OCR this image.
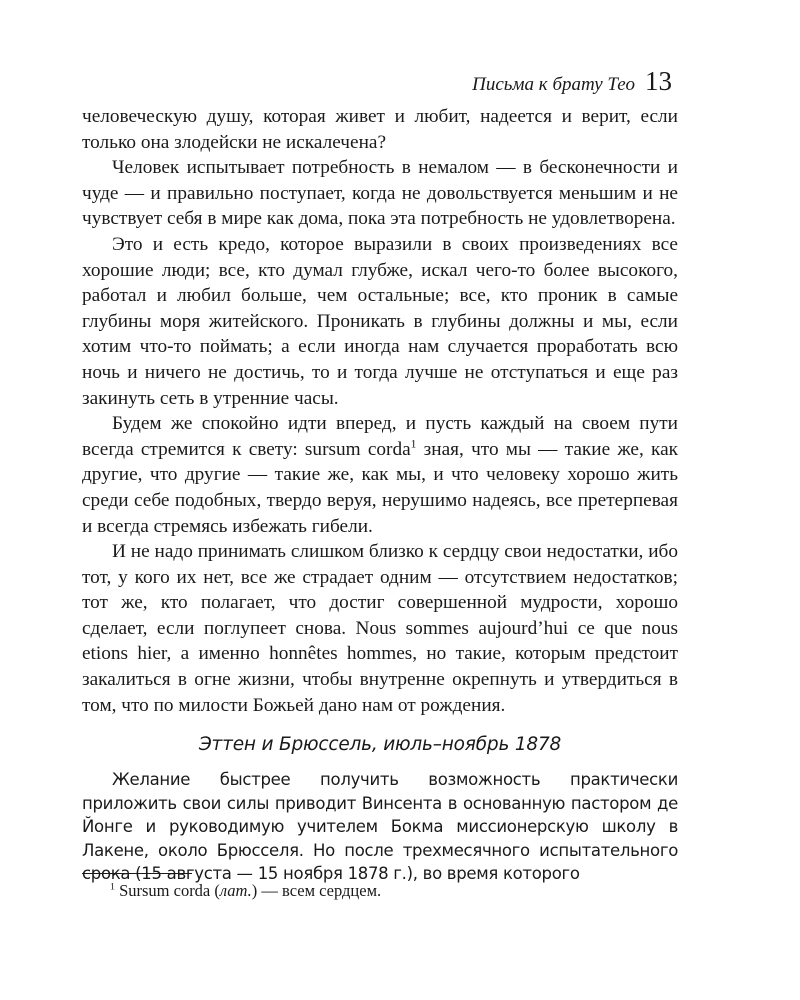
Письма к брату Тео 13

человеческую душу, которая живет и любит, надеется и верит, если только она злодейски не искалечена?

Человек испытывает потребность в немалом — в бесконечности и чуде — и правильно поступает, когда не довольствуется меньшим и не чувствует себя в мире как дома, пока эта потребность не удовлетворена.

Это и есть кредо, которое выразили в своих произведениях все хорошие люди; все, кто думал глубже, искал чего-то более высокого, работал и любил больше, чем остальные; все, кто проник в самые глубины моря житейского. Проникать в глубины должны и мы, если хотим что-то поймать; а если иногда нам случается проработать всю ночь и ничего не достичь, то и тогда лучше не отступаться и еще раз закинуть сеть в утренние часы.

Будем же спокойно идти вперед, и пусть каждый на своем пути всегда стремится к свету: sursum corda$^1$ зная, что мы — такие же, как другие, что другие — такие же, как мы, и что человеку хорошо жить среди себе подобных, твердо веруя, нерушимо надеясь, все претерпевая и всегда стремясь избежать гибели.

И не надо принимать слишком близко к сердцу свои недостатки, ибо тот, у кого их нет, все же страдает одним — отсутствием недостатков; тот же, кто полагает, что достиг совершенной мудрости, хорошо сделает, если поглупеет снова. Nous sommes aujourd’hui ce que nous etions hier, а именно honnêtes hommes, но такие, которым предстоит закалиться в огне жизни, чтобы внутренне окрепнуть и утвердиться в том, что по милости Божьей дано нам от рождения.

Эттен и Брюссель, июль–ноябрь 1878

Желание быстрее получить возможность практически приложить свои силы приводит Винсента в основанную пастором де Йонге и руководимую учителем Бокма миссионерскую школу в Лакене, около Брюсселя. Но после трехмесячного испытательного срока (15 августа — 15 ноября 1878 г.), во время которого

$^1$ Sursum corda (лат.) — всем сердцем.
